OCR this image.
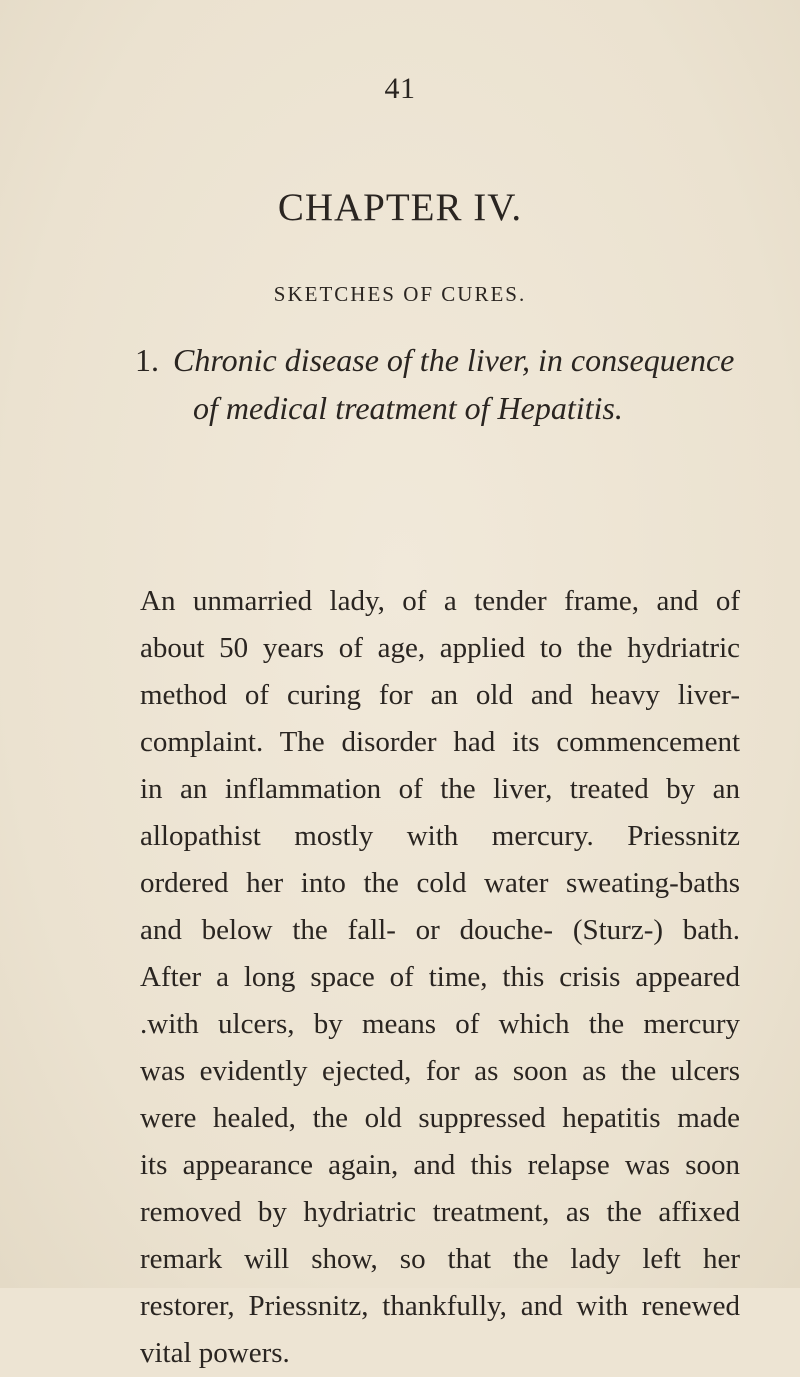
41
CHAPTER IV.
SKETCHES OF CURES.
1. Chronic disease of the liver, in consequence
of medical treatment of Hepatitis.
An unmarried lady, of a tender frame, and of
about 50 years of age, applied to the hydriatric
method of curing for an old and heavy liver-
complaint. The disorder had its commencement
in an inflammation of the liver, treated by an
allopathist mostly with mercury. Priessnitz
ordered her into the cold water sweating-baths
and below the fall- or douche- (Sturz-) bath.
After a long space of time, this crisis appeared
.with ulcers, by means of which the mercury
was evidently ejected, for as soon as the ulcers
were healed, the old suppressed hepatitis made
its appearance again, and this relapse was soon
removed by hydriatric treatment, as the affixed
remark will show, so that the lady left her
restorer, Priessnitz, thankfully, and with renewed
vital powers.
